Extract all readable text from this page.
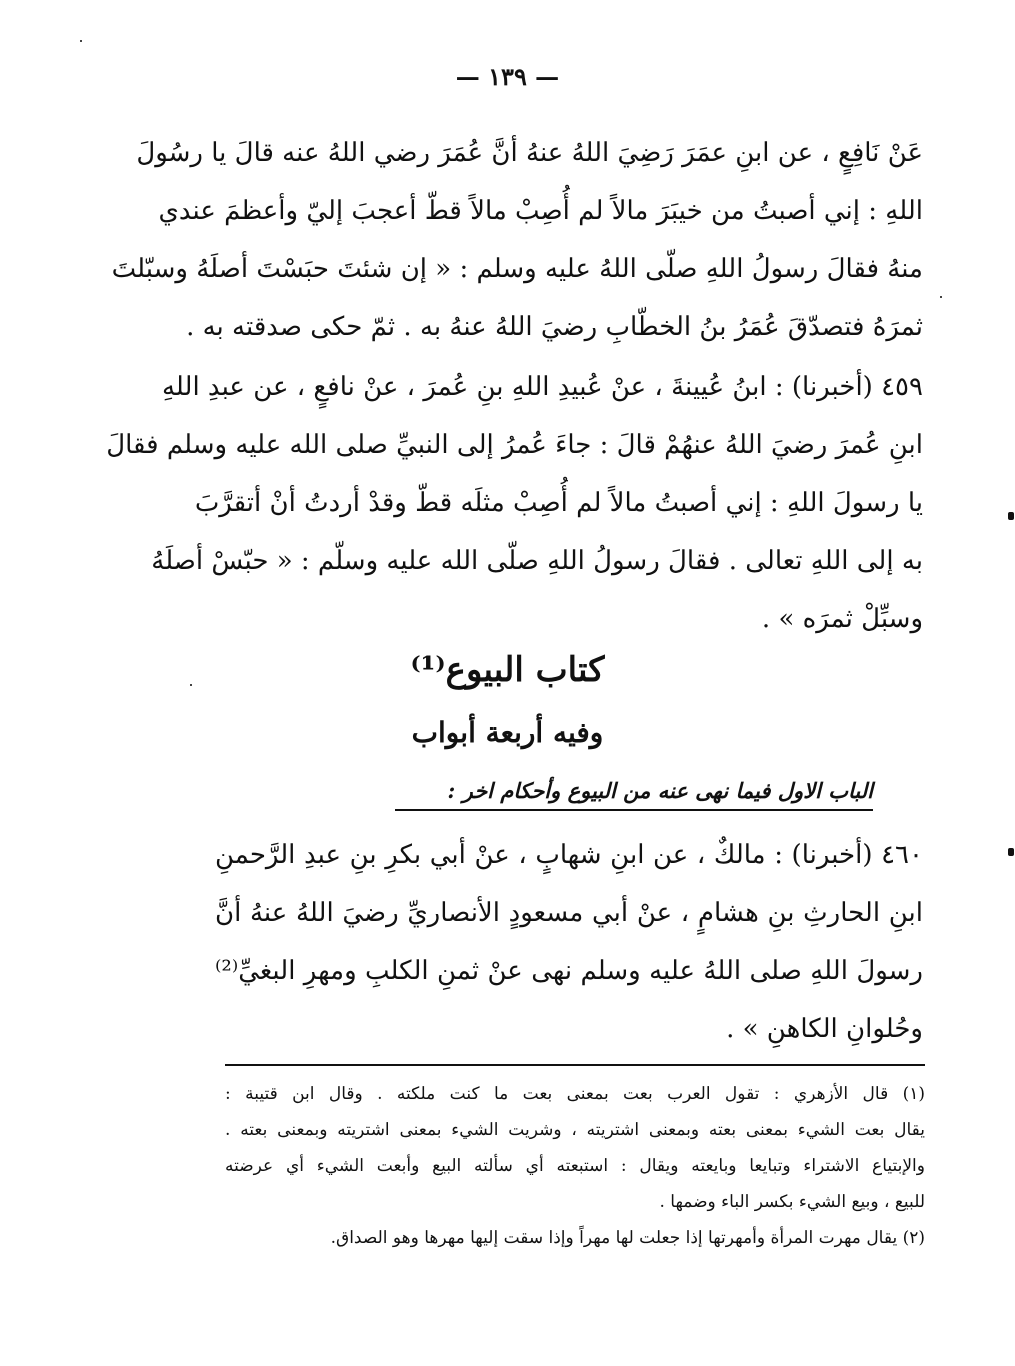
— ١٣٩ —
عَنْ نَافِعٍ ، عن ابنِ عمَرَ رَضِيَ اللهُ عنهُ أنَّ عُمَرَ رضي اللهُ عنه قالَ يا رسُولَ
اللهِ : إني أصبتُ من خيبَرَ مالاً لم أُصِبْ مالاً قطّ أعجبَ إليّ وأعظمَ عندي
منهُ فقالَ رسولُ اللهِ صلّى اللهُ عليه وسلم : « إن شئتَ حبَسْتَ أصلَهُ وسبّلتَ
ثمرَهُ فتصدّقَ عُمَرُ بنُ الخطّابِ رضيَ اللهُ عنهُ به . ثمّ حكى صدقته به .
٤٥٩ (أخبرنا) : ابنُ عُيينةَ ، عنْ عُبيدِ اللهِ بنِ عُمرَ ، عنْ نافعٍ ، عن عبدِ اللهِ
ابنِ عُمرَ رضيَ اللهُ عنهُمْ قالَ : جاءَ عُمرُ إلى النبيِّ صلى الله عليه وسلم فقالَ
يا رسولَ اللهِ : إني أصبتُ مالاً لم أُصِبْ مثلَه قطّ وقدْ أردتُ أنْ أتقرَّبَ
به إلى اللهِ تعالى . فقالَ رسولُ اللهِ صلّى الله عليه وسلّم : « حبّسْ أصلَهُ
وسبِّلْ ثمرَه » .
كتاب البيوع⁽¹⁾
وفيه أربعة أبواب
الباب الاول فيما نهى عنه من البيوع وأحكام اخر :
٤٦٠ (أخبرنا) : مالكٌ ، عن ابنِ شهابٍ ، عنْ أبي بكرِ بنِ عبدِ الرَّحمنِ
ابنِ الحارثِ بنِ هشامٍ ، عنْ أبي مسعودٍ الأنصاريِّ رضيَ اللهُ عنهُ أنَّ
رسولَ اللهِ صلى اللهُ عليه وسلم نهى عنْ ثمنِ الكلبِ ومهرِ البغيِّ⁽²⁾
وحُلوانِ الكاهنِ » .
(١) قال الأزهري : تقول العرب بعت بمعنى بعت ما كنت ملكته . وقال ابن قتيبة :
يقال بعت الشيء بمعنى بعته وبمعنى اشتريته ، وشريت الشيء بمعنى اشتريته وبمعنى بعته .
والإبتياع الاشتراء وتبايعا وبايعته ويقال : استبعته أي سألته البيع وأبعت الشيء أي عرضته
للبيع ، وبيع الشيء بكسر الباء وضمها .
(٢) يقال مهرت المرأة وأمهرتها إذا جعلت لها مهراً وإذا سقت إليها مهرها وهو الصداق.
